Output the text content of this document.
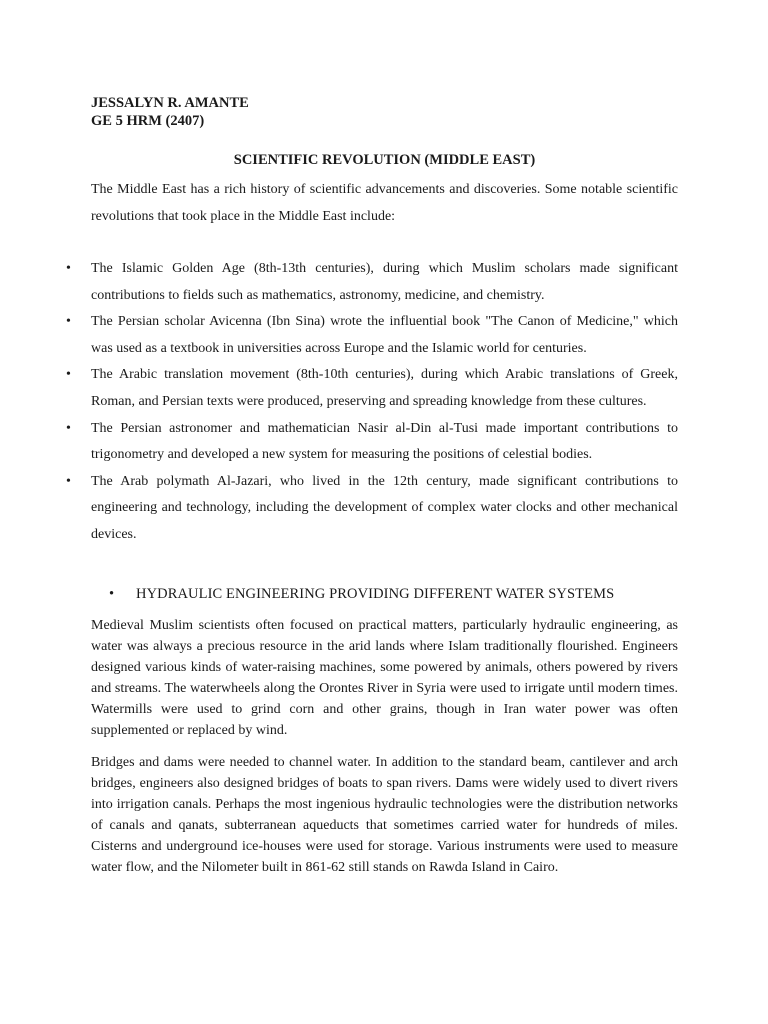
JESSALYN R. AMANTE
GE 5 HRM (2407)
SCIENTIFIC REVOLUTION (MIDDLE EAST)
The Middle East has a rich history of scientific advancements and discoveries. Some notable scientific revolutions that took place in the Middle East include:
• The Islamic Golden Age (8th-13th centuries), during which Muslim scholars made significant contributions to fields such as mathematics, astronomy, medicine, and chemistry.
• The Persian scholar Avicenna (Ibn Sina) wrote the influential book "The Canon of Medicine," which was used as a textbook in universities across Europe and the Islamic world for centuries.
• The Arabic translation movement (8th-10th centuries), during which Arabic translations of Greek, Roman, and Persian texts were produced, preserving and spreading knowledge from these cultures.
• The Persian astronomer and mathematician Nasir al-Din al-Tusi made important contributions to trigonometry and developed a new system for measuring the positions of celestial bodies.
• The Arab polymath Al-Jazari, who lived in the 12th century, made significant contributions to engineering and technology, including the development of complex water clocks and other mechanical devices.
• HYDRAULIC ENGINEERING PROVIDING DIFFERENT WATER SYSTEMS

Medieval Muslim scientists often focused on practical matters, particularly hydraulic engineering, as water was always a precious resource in the arid lands where Islam traditionally flourished. Engineers designed various kinds of water-raising machines, some powered by animals, others powered by rivers and streams. The waterwheels along the Orontes River in Syria were used to irrigate until modern times. Watermills were used to grind corn and other grains, though in Iran water power was often supplemented or replaced by wind.

Bridges and dams were needed to channel water. In addition to the standard beam, cantilever and arch bridges, engineers also designed bridges of boats to span rivers. Dams were widely used to divert rivers into irrigation canals. Perhaps the most ingenious hydraulic technologies were the distribution networks of canals and qanats, subterranean aqueducts that sometimes carried water for hundreds of miles. Cisterns and underground ice-houses were used for storage. Various instruments were used to measure water flow, and the Nilometer built in 861-62 still stands on Rawda Island in Cairo.
